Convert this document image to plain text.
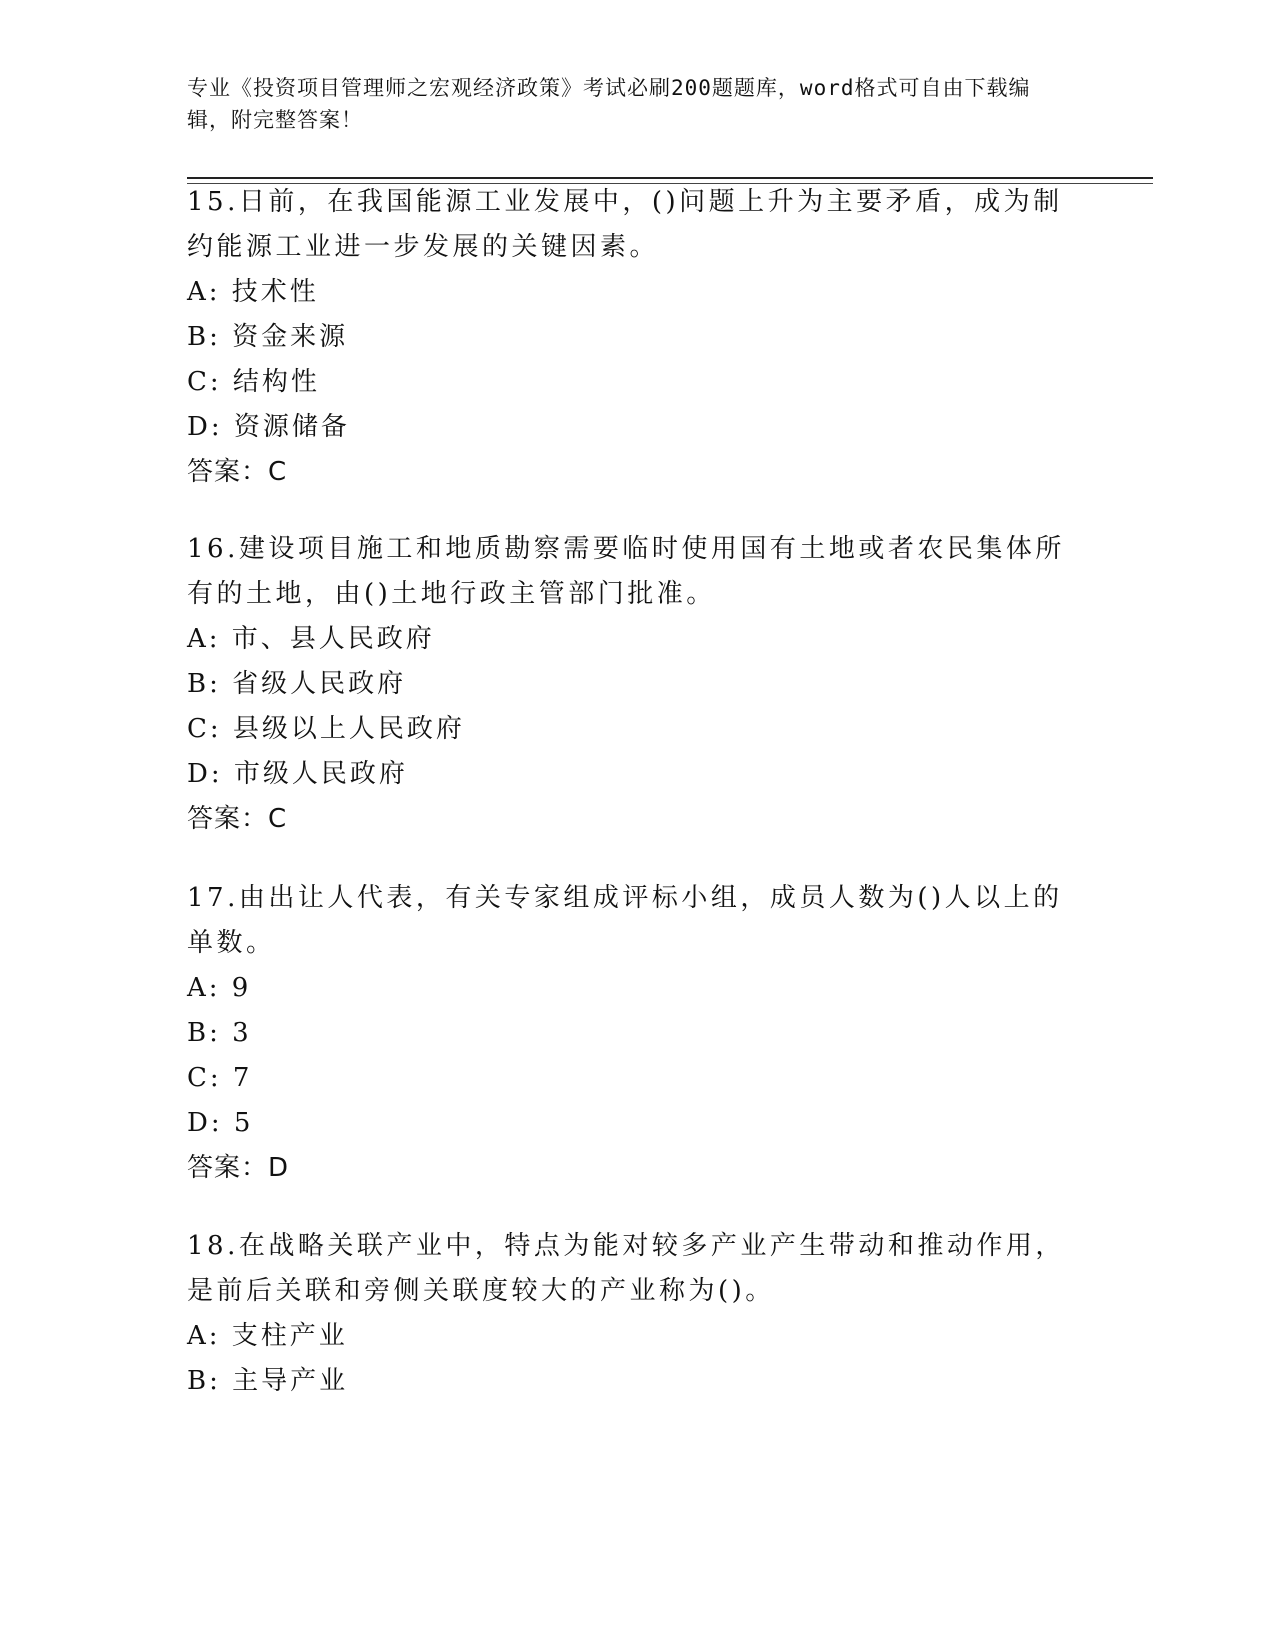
专业《投资项目管理师之宏观经济政策》考试必刷200题题库，word格式可自由下载编辑，附完整答案！

15.日前，在我国能源工业发展中，()问题上升为主要矛盾，成为制约能源工业进一步发展的关键因素。

A: 技术性

B: 资金来源

C: 结构性

D: 资源储备

答案：C

16.建设项目施工和地质勘察需要临时使用国有土地或者农民集体所有的土地，由()土地行政主管部门批准。

A: 市、县人民政府

B: 省级人民政府

C: 县级以上人民政府

D: 市级人民政府

答案：C

17.由出让人代表，有关专家组成评标小组，成员人数为()人以上的单数。

A: 9

B: 3

C: 7

D: 5

答案：D

18.在战略关联产业中，特点为能对较多产业产生带动和推动作用，是前后关联和旁侧关联度较大的产业称为()。

A: 支柱产业

B: 主导产业
